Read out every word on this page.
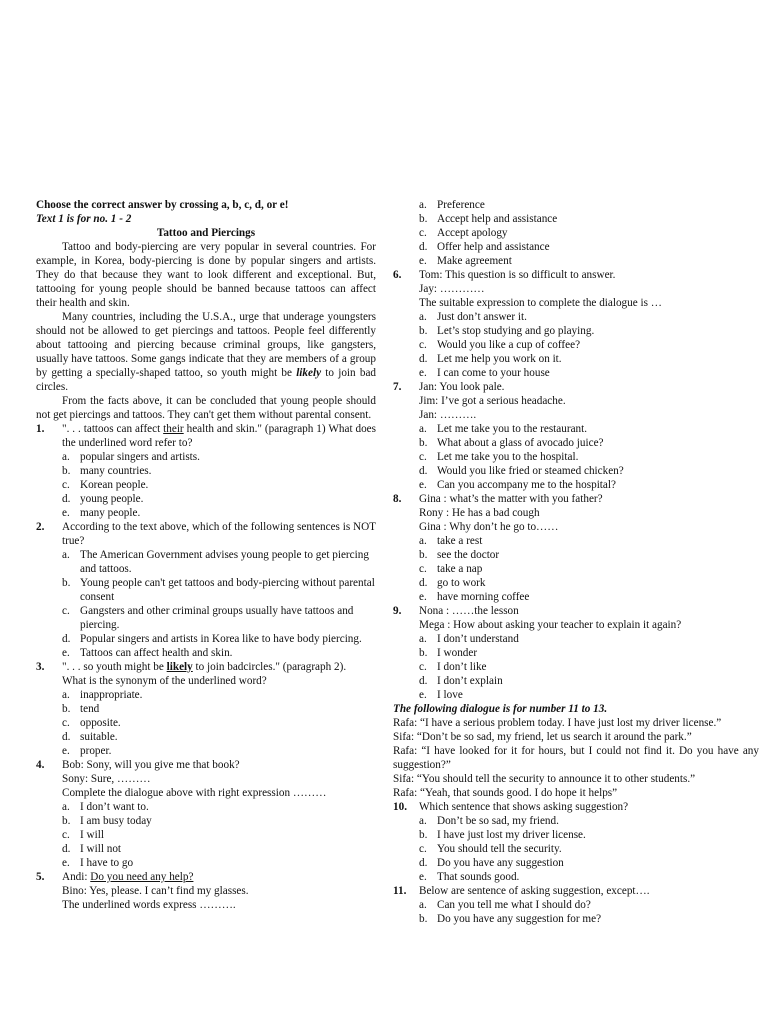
Choose the correct answer by crossing a, b, c, d, or e!

Text 1 is for no. 1 - 2

Tattoo and Piercings

Tattoo and body-piercing are very popular in several countries. For example, in Korea, body-piercing is done by popular singers and artists. They do that because they want to look different and exceptional. But, tattooing for young people should be banned because tattoos can affect their health and skin.

Many countries, including the U.S.A., urge that underage youngsters should not be allowed to get piercings and tattoos. People feel differently about tattooing and piercing because criminal groups, like gangsters, usually have tattoos. Some gangs indicate that they are members of a group by getting a specially-shaped tattoo, so youth might be likely to join bad circles.

From the facts above, it can be concluded that young people should not get piercings and tattoos. They can't get them without parental consent.

1. ". . . tattoos can affect their health and skin." (paragraph 1) What does the underlined word refer to?

a. popular singers and artists.
b. many countries.
c. Korean people.
d. young people.
e. many people.
2. According to the text above, which of the following sentences is NOT true?

a. The American Government advises young people to get piercing and tattoos.
b. Young people can't get tattoos and body-piercing without parental consent
c. Gangsters and other criminal groups usually have tattoos and piercing.
d. Popular singers and artists in Korea like to have body piercing.
e. Tattoos can affect health and skin.
3. ". . . so youth might be likely to join badcircles." (paragraph 2).

What is the synonym of the underlined word?

a. inappropriate.
b. tend
c. opposite.
d. suitable.
e. proper.
4. Bob: Sony, will you give me that book?

Sony: Sure, ………

Complete the dialogue above with right expression ………

a. I don’t want to.
b. I am busy today
c. I will
d. I will not
e. I have to go
5. Andi: Do you need any help?

Bino: Yes, please. I can’t find my glasses.

The underlined words express ……….

a. Preference
b. Accept help and assistance
c. Accept apology
d. Offer help and assistance
e. Make agreement
6. Tom: This question is so difficult to answer.

Jay: …………

The suitable expression to complete the dialogue is …

a. Just don’t answer it.
b. Let’s stop studying and go playing.
c. Would you like a cup of coffee?
d. Let me help you work on it.
e. I can come to your house
7. Jan: You look pale.

Jim: I’ve got a serious headache.

Jan: ……….

a. Let me take you to the restaurant.
b. What about a glass of avocado juice?
c. Let me take you to the hospital.
d. Would you like fried or steamed chicken?
e. Can you accompany me to the hospital?
8. Gina : what’s the matter with you father?

Rony : He has a bad cough

Gina : Why don’t he go to……

a. take a rest
b. see the doctor
c. take a nap
d. go to work
e. have morning coffee
9. Nona : ……the lesson

Mega : How about asking your teacher to explain it again?

a. I don’t understand
b. I wonder
c. I don’t like
d. I don’t explain
e. I love

The following dialogue is for number 11 to 13.

Rafa: “I have a serious problem today. I have just lost my driver license.”

Sifa: “Don’t be so sad, my friend, let us search it around the park.”

Rafa: “I have looked for it for hours, but I could not find it. Do you have any suggestion?”

Sifa: “You should tell the security to announce it to other students.”

Rafa: “Yeah, that sounds good. I do hope it helps”

10. Which sentence that shows asking suggestion?

a. Don’t be so sad, my friend.
b. I have just lost my driver license.
c. You should tell the security.
d. Do you have any suggestion
e. That sounds good.
11. Below are sentence of asking suggestion, except….

a. Can you tell me what I should do?
b. Do you have any suggestion for me?
